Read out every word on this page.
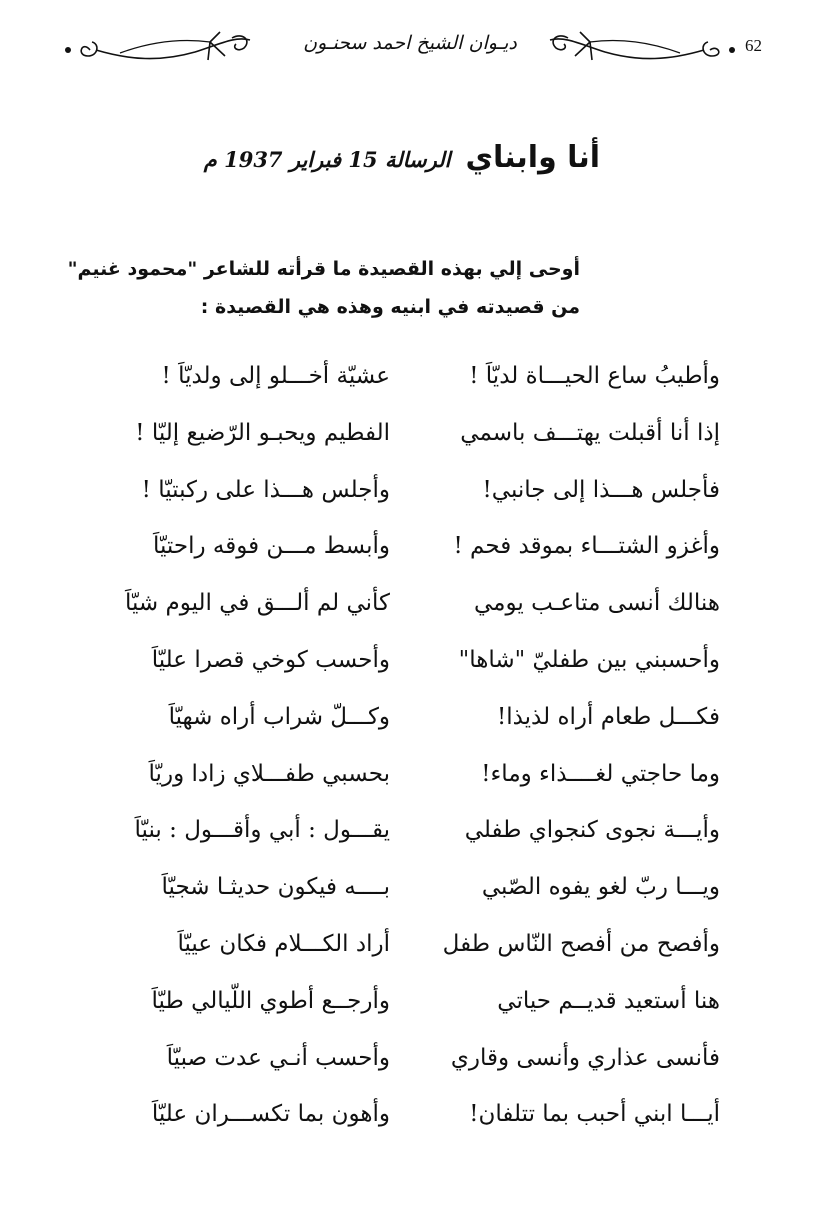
ديـوان الشيخ احمد سحنـون	62
أنا وابناي الرسالة 15 فبراير 1937 م
أوحى إلي بهذه القصيدة ما قرأته للشاعر "محمود غنيم"
من قصيدته في ابنيه وهذه هي القصيدة :
وأطيبُ ساع الحيـــاة لديّاَ !
عشيّة أخـــلو إلى ولديّاَ !
إذا أنا أقبلت يهتـــف باسمي
الفطيم ويحبـو الرّضيع إليّا !
فأجلس هـــذا إلى جانبي!
وأجلس هـــذا على ركبتيّا !
وأغزو الشتـــاء بموقد فحم !
وأبسط مـــن فوقه راحتيّاَ
هنالك أنسى متاعـب يومي
كأني لم ألـــق في اليوم شيّاَ
وأحسبني بين طفليّ "شاها"
وأحسب كوخي قصرا عليّاَ
فكـــل طعام أراه لذيذا!
وكـــلّ شراب أراه شهيّاَ
وما حاجتي لغــــذاء وماء!
بحسبي طفـــلاي زادا وريّاَ
وأيـــة نجوى كنجواي طفلي
يقـــول : أبي وأقـــول : بنيّاَ
ويـــا ربّ لغو يفوه الصّبي
بــــه فيكون حديثـا شجيّاَ
وأفصح من أفصح النّاس طفل
أراد الكـــلام فكان عييّاَ
هنا أستعيد قديــم حياتي
وأرجــع أطوي اللّيالي طيّاَ
فأنسى عذاري وأنسى وقاري
وأحسب أنـي عدت صبيّاَ
أيـــا ابني أحبب بما تتلفان!
وأهون بما تكســـران عليّاَ
